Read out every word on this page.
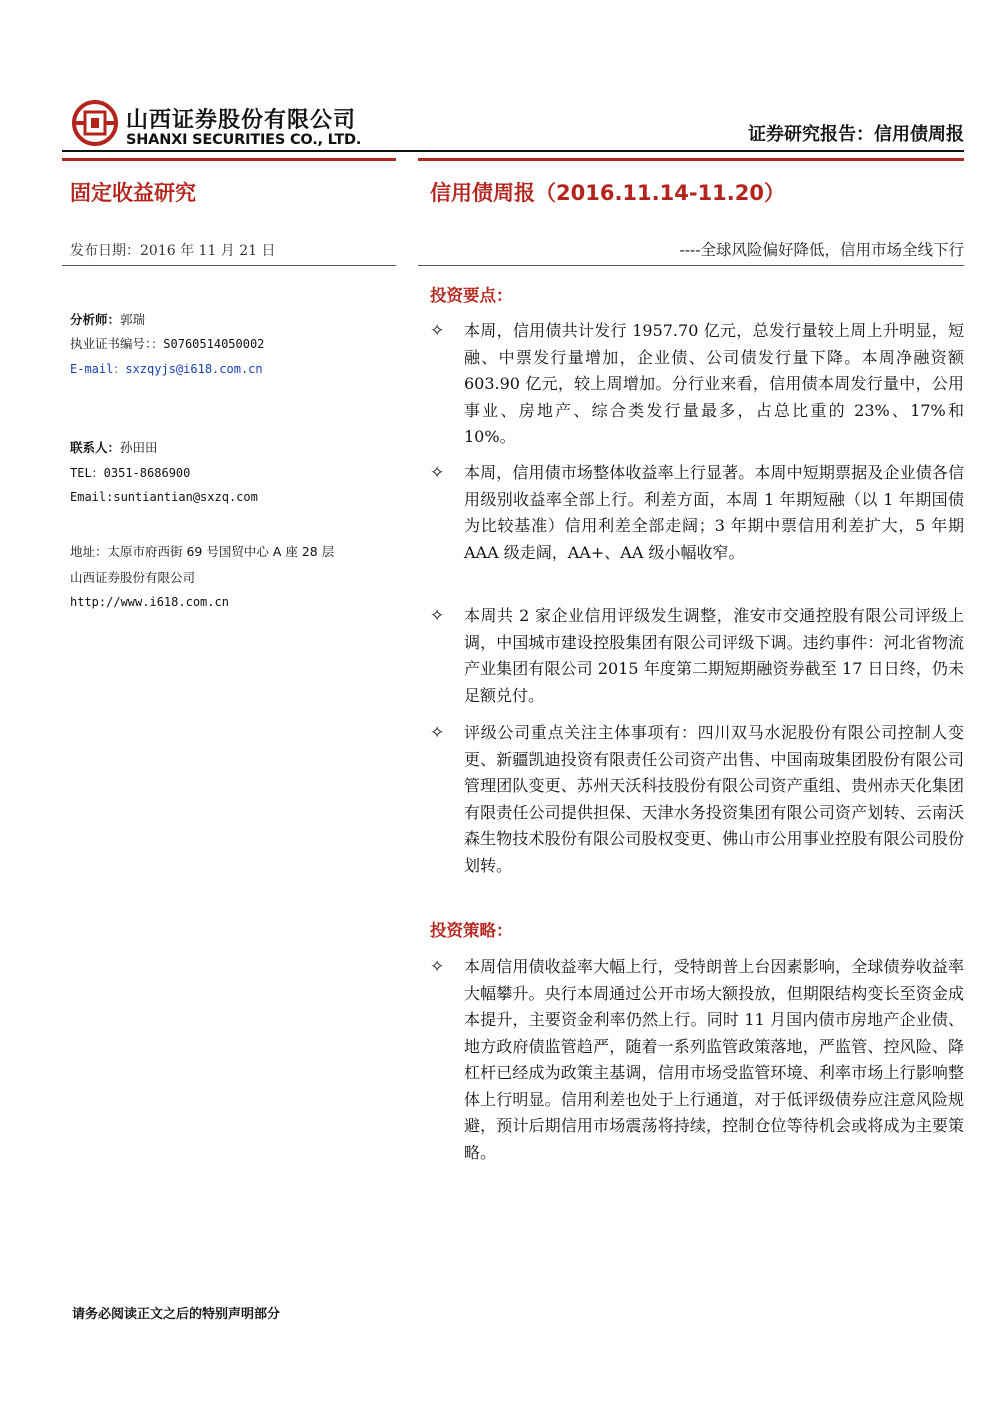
山西证券股份有限公司
SHANXI SECURITIES CO., LTD.	证券研究报告：信用债周报
固定收益研究	信用债周报（2016.11.14-11.20）
发布日期：2016 年 11 月 21 日	----全球风险偏好降低，信用市场全线下行
分析师：郭瑞
执业证书编号：：S0760514050002
E-mail：sxzqyjs@i618.com.cn
联系人：孙田田
TEL：0351-8686900
Email:suntiantian@sxzq.com
地址：太原市府西街 69 号国贸中心 A 座 28 层
山西证券股份有限公司
http://www.i618.com.cn
投资要点：
✧	本周，信用债共计发行 1957.70 亿元，总发行量较上周上升明显，短融、中票发行量增加，企业债、公司债发行量下降。本周净融资额 603.90 亿元，较上周增加。分行业来看，信用债本周发行量中，公用事业、房地产、综合类发行量最多，占总比重的 23%、17%和 10%。
✧	本周，信用债市场整体收益率上行显著。本周中短期票据及企业债各信用级别收益率全部上行。利差方面，本周 1 年期短融（以 1 年期国债为比较基准）信用利差全部走阔；3 年期中票信用利差扩大，5 年期 AAA 级走阔，AA+、AA 级小幅收窄。
✧	本周共 2 家企业信用评级发生调整，淮安市交通控股有限公司评级上调，中国城市建设控股集团有限公司评级下调。违约事件：河北省物流产业集团有限公司 2015 年度第二期短期融资券截至 17 日日终，仍未足额兑付。
✧	评级公司重点关注主体事项有：四川双马水泥股份有限公司控制人变更、新疆凯迪投资有限责任公司资产出售、中国南玻集团股份有限公司管理团队变更、苏州天沃科技股份有限公司资产重组、贵州赤天化集团有限责任公司提供担保、天津水务投资集团有限公司资产划转、云南沃森生物技术股份有限公司股权变更、佛山市公用事业控股有限公司股份划转。
投资策略：
✧	本周信用债收益率大幅上行，受特朗普上台因素影响，全球债券收益率大幅攀升。央行本周通过公开市场大额投放，但期限结构变长至资金成本提升，主要资金利率仍然上行。同时 11 月国内债市房地产企业债、地方政府债监管趋严，随着一系列监管政策落地，严监管、控风险、降杠杆已经成为政策主基调，信用市场受监管环境、利率市场上行影响整体上行明显。信用利差也处于上行通道，对于低评级债券应注意风险规避，预计后期信用市场震荡将持续，控制仓位等待机会或将成为主要策略。
请务必阅读正文之后的特别声明部分
